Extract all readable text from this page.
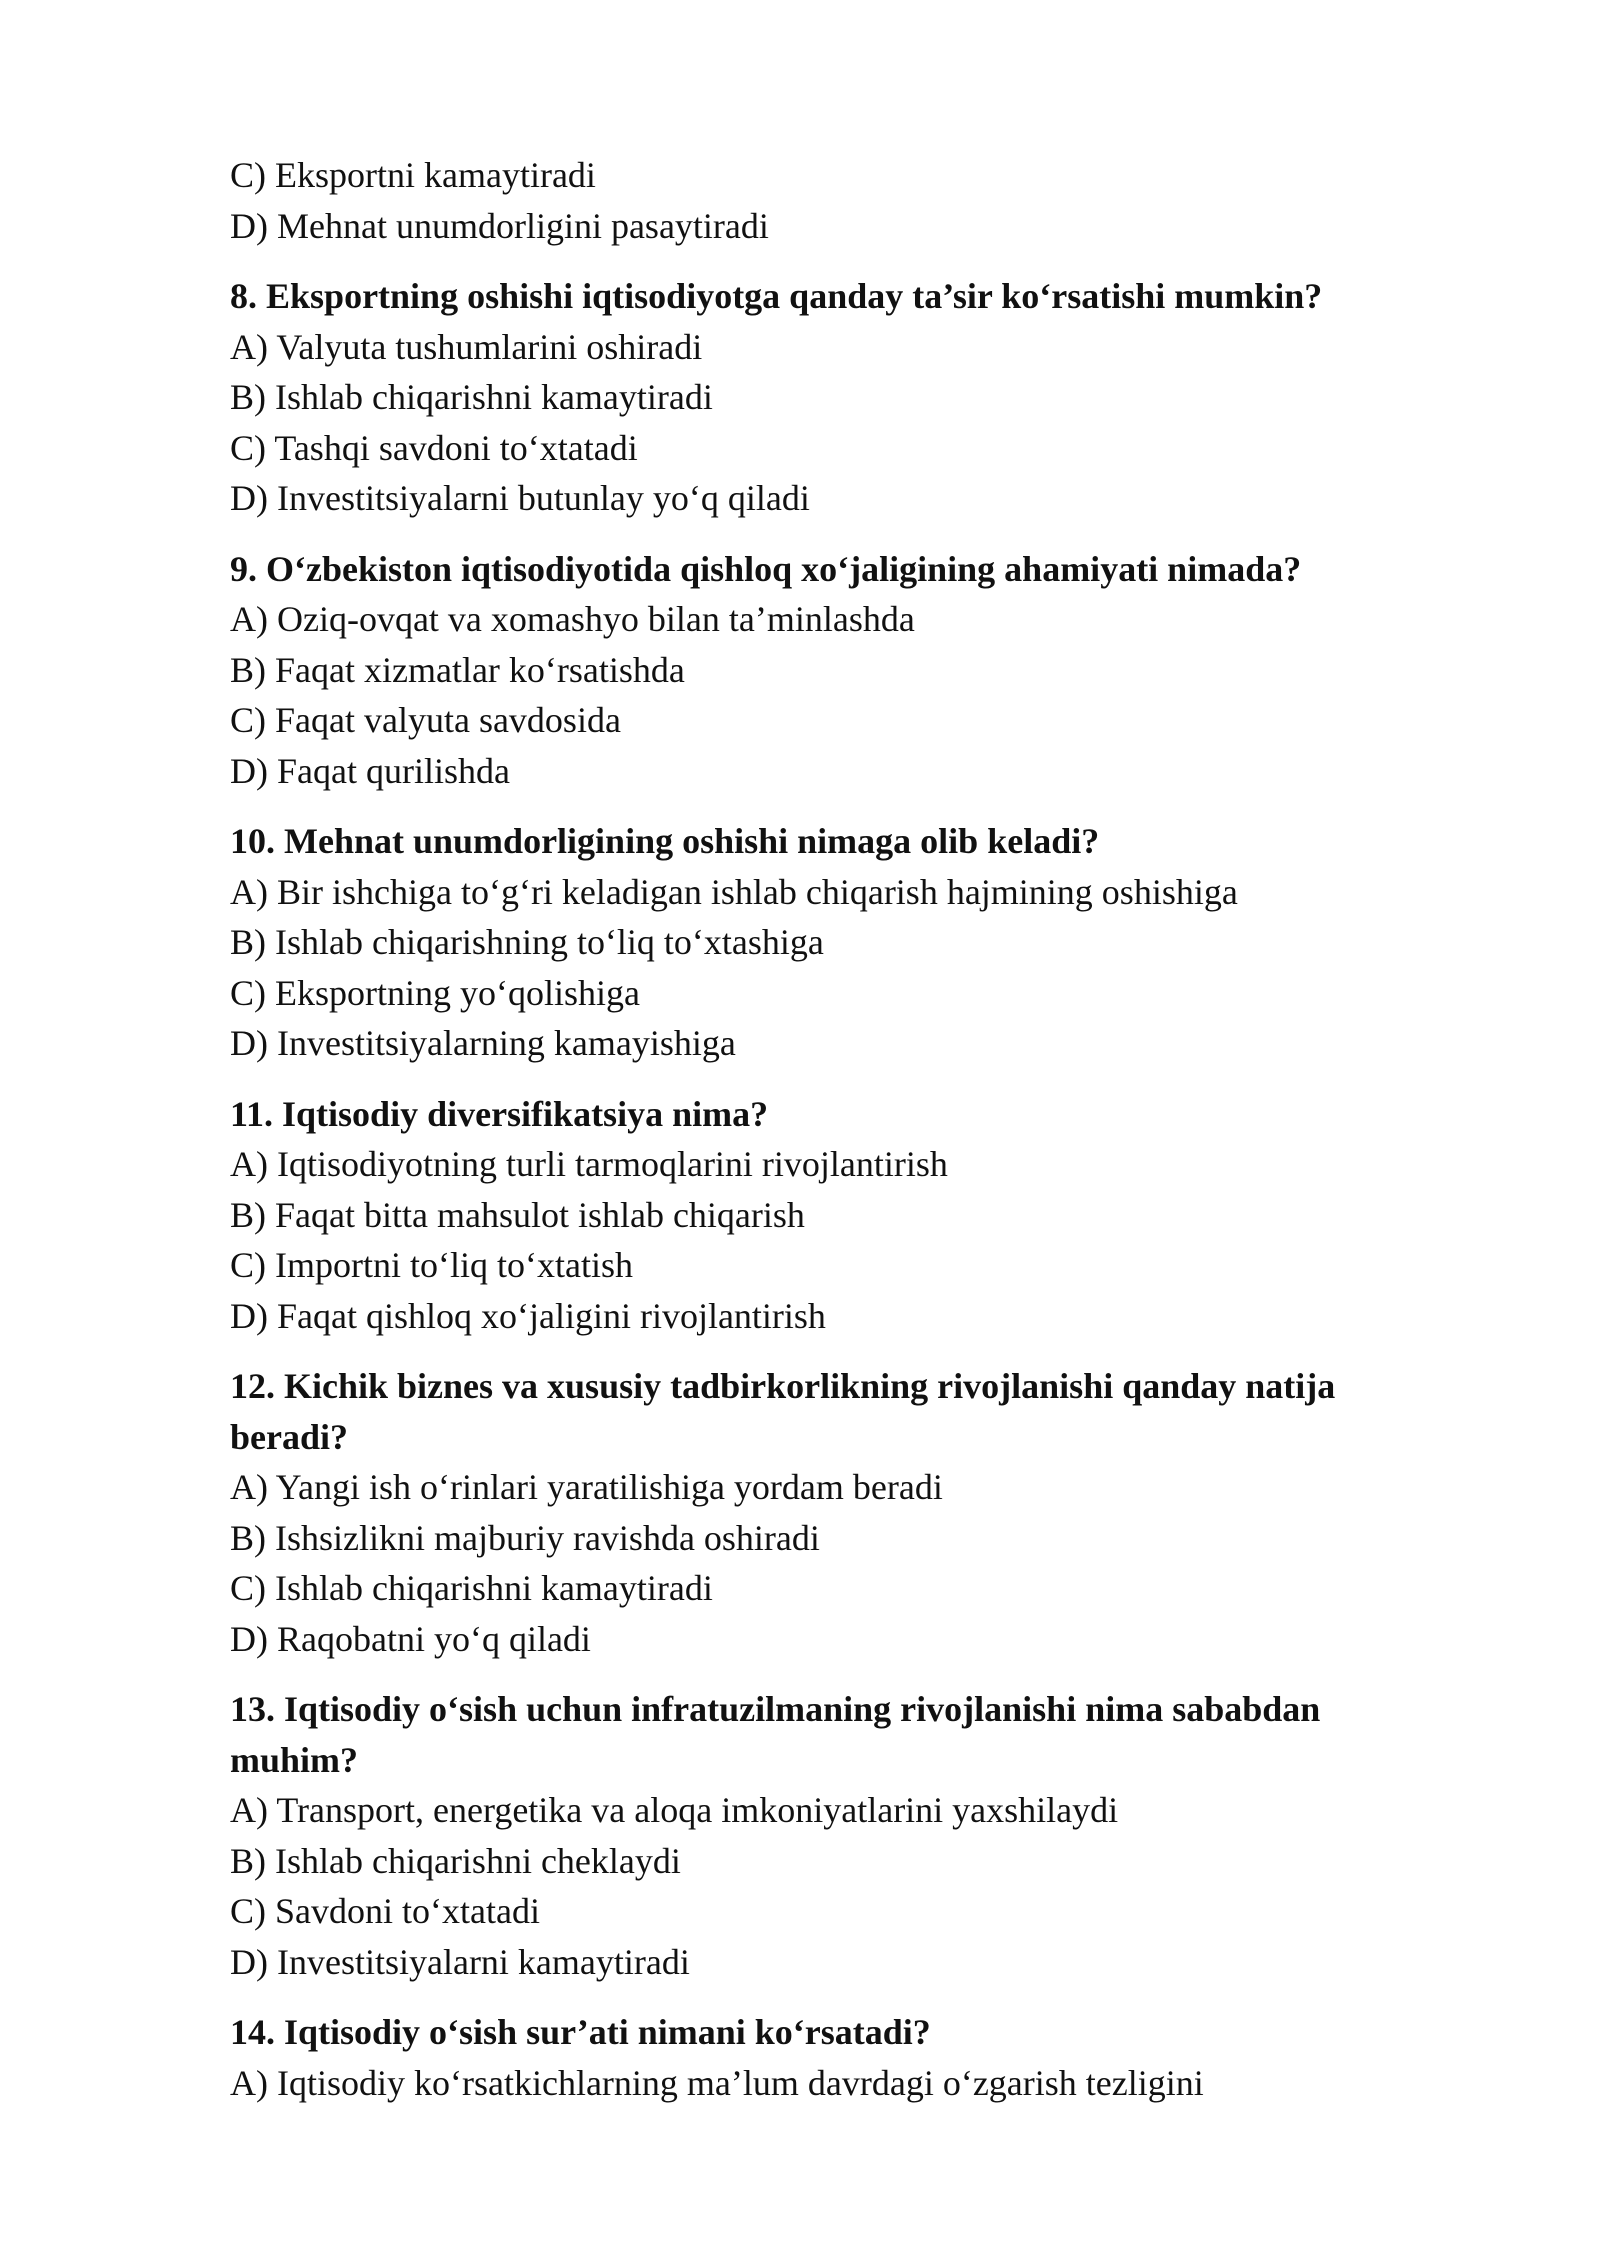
C) Eksportni kamaytiradi
D) Mehnat unumdorligini pasaytiradi
8. Eksportning oshishi iqtisodiyotga qanday ta’sir koʻrsatishi mumkin?
A) Valyuta tushumlarini oshiradi
B) Ishlab chiqarishni kamaytiradi
C) Tashqi savdoni toʻxtatadi
D) Investitsiyalarni butunlay yoʻq qiladi
9. Oʻzbekiston iqtisodiyotida qishloq xoʻjaligining ahamiyati nimada?
A) Oziq-ovqat va xomashyo bilan ta’minlashda
B) Faqat xizmatlar koʻrsatishda
C) Faqat valyuta savdosida
D) Faqat qurilishda
10. Mehnat unumdorligining oshishi nimaga olib keladi?
A) Bir ishchiga toʻgʻri keladigan ishlab chiqarish hajmining oshishiga
B) Ishlab chiqarishning toʻliq toʻxtashiga
C) Eksportning yoʻqolishiga
D) Investitsiyalarning kamayishiga
11. Iqtisodiy diversifikatsiya nima?
A) Iqtisodiyotning turli tarmoqlarini rivojlantirish
B) Faqat bitta mahsulot ishlab chiqarish
C) Importni toʻliq toʻxtatish
D) Faqat qishloq xoʻjaligini rivojlantirish
12. Kichik biznes va xususiy tadbirkorlikning rivojlanishi qanday natija beradi?
A) Yangi ish oʻrinlari yaratilishiga yordam beradi
B) Ishsizlikni majburiy ravishda oshiradi
C) Ishlab chiqarishni kamaytiradi
D) Raqobatni yoʻq qiladi
13. Iqtisodiy oʻsish uchun infratuzilmaning rivojlanishi nima sababdan muhim?
A) Transport, energetika va aloqa imkoniyatlarini yaxshilaydi
B) Ishlab chiqarishni cheklaydi
C) Savdoni toʻxtatadi
D) Investitsiyalarni kamaytiradi
14. Iqtisodiy oʻsish sur’ati nimani koʻrsatadi?
A) Iqtisodiy koʻrsatkichlarning ma’lum davrdagi oʻzgarish tezligini
